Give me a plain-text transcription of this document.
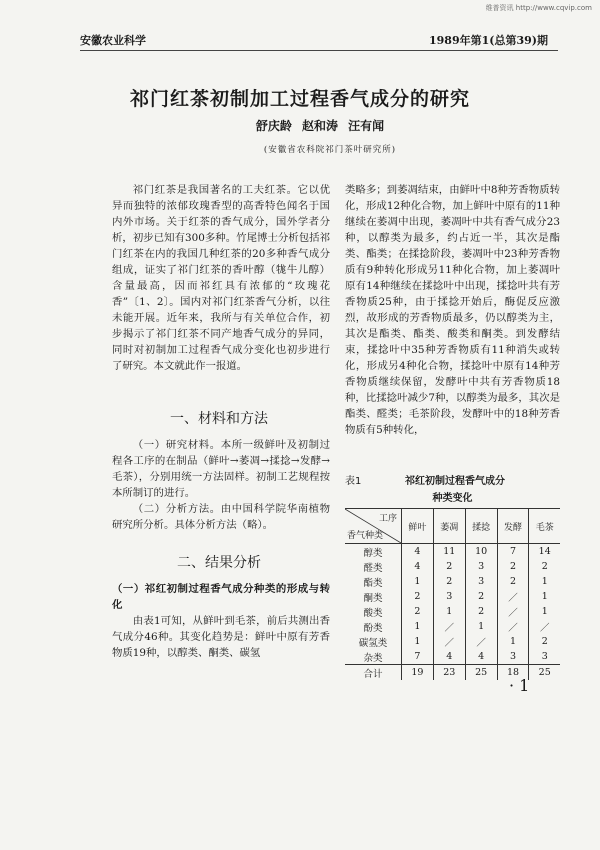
维普资讯 http://www.cqvip.com
安徽农业科学	1989年第1(总第39)期
祁门红茶初制加工过程香气成分的研究
舒庆龄 赵和涛 汪有闻
(安徽省农科院祁门茶叶研究所)

祁门红茶是我国著名的工夫红茶。它以优异而独特的浓郁玫瑰香型的高香特色闻名于国内外市场。关于红茶的香气成分，国外学者分析，初步已知有300多种。竹尾博士分析包括祁门红茶在内的我国几种红茶的20多种香气成分组成，证实了祁门红茶的香叶醇（牻牛儿醇）含量最高，因而祁红具有浓郁的“玫瑰花香”〔1、2〕。国内对祁门红茶香气分析，以往未能开展。近年来，我所与有关单位合作，初步揭示了祁门红茶不同产地香气成分的异同，同时对初制加工过程香气成分变化也初步进行了研究。本文就此作一报道。

一、材料和方法

（一）研究材料。本所一级鲜叶及初制过程各工序的在制品（鲜叶→萎凋→揉捻→发酵→毛茶），分别用统一方法固样。初制工艺规程按本所制订的进行。

（二）分析方法。由中国科学院华南植物研究所分析。具体分析方法（略）。

二、结果分析
（一）祁红初制过程香气成分种类的形成与转化

由表1可知，从鲜叶到毛茶，前后共测出香气成分46种。其变化趋势是：鲜叶中原有芳香物质19种，以醇类、酮类、碳氢

类略多；到萎凋结束，由鲜叶中8种芳香物质转化，形成12种化合物，加上鲜叶中原有的11种继续在萎凋中出现，萎凋叶中共有香气成分23种，以醇类为最多，约占近一半，其次是酯类、酯类；在揉捻阶段，萎凋叶中23种芳香物质有9种转化形成另11种化合物，加上萎凋叶原有14种继续在揉捻叶中出现，揉捻叶共有芳香物质25种，由于揉捻开始后，酶促反应激烈，故形成的芳香物质最多，仍以醇类为主，其次是酯类、酯类、酸类和酮类。到发酵结束，揉捻叶中35种芳香物质有11种消失或转化，形成另4种化合物，揉捻叶中原有14种芳香物质继续保留，发酵叶中共有芳香物质18种，比揉捻叶减少7种，以醇类为最多，其次是酯类、醛类；毛茶阶段，发酵叶中的18种芳香物质有5种转化，

表1	祁红初制过程香气成分
种类变化
工序
香气种类	鲜叶	萎凋	揉捻	发酵	毛茶
醇类	4	11	10	7	14
醛类	4	2	3	2	2
酯类	1	2	3	2	1
酮类	2	3	2	／	1
酸类	2	1	2	／	1
酚类	1	／	1	／	／
碳氢类	1	／	／	1	2
杂类	7	4	4	3	3
合计	19	23	25	18	25
· 1
